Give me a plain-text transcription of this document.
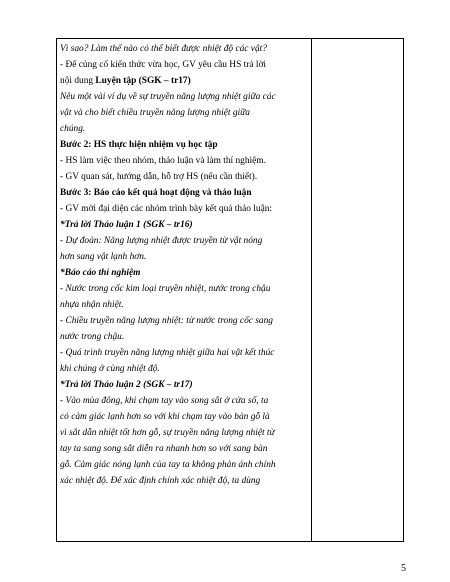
Vì sao? Làm thế nào có thể biết được nhiệt độ các vật?
- Để củng cố kiến thức vừa học, GV yêu cầu HS trả lời
nội dung Luyện tập (SGK – tr17)
Nêu một vài ví dụ về sự truyền năng lượng nhiệt giữa các
vật và cho biết chiều truyền năng lượng nhiệt giữa
chúng.
Bước 2: HS thực hiện nhiệm vụ học tập
- HS làm việc theo nhóm, thảo luận và làm thí nghiệm.
- GV quan sát, hướng dẫn, hỗ trợ HS (nếu cần thiết).
Bước 3: Báo cáo kết quả hoạt động và thảo luận
- GV mời đại diện các nhóm trình bày kết quả thảo luận:
*Trả lời Thảo luận 1 (SGK – tr16)
- Dự đoán: Năng lượng nhiệt được truyền từ vật nóng
hơn sang vật lạnh hơn.
*Báo cáo thí nghiệm
- Nước trong cốc kim loại truyền nhiệt, nước trong chậu
nhựa nhận nhiệt.
- Chiều truyền năng lượng nhiệt: từ nước trong cốc sang
nước trong chậu.
- Quá trình truyền năng lượng nhiệt giữa hai vật kết thúc
khi chúng ở cùng nhiệt độ.
*Trả lời Thảo luận 2 (SGK – tr17)
- Vào mùa đông, khi chạm tay vào song sắt ở cửa sổ, ta
có cảm giác lạnh hơn so với khi chạm tay vào bàn gỗ là
vì sắt dẫn nhiệt tốt hơn gỗ, sự truyền năng lượng nhiệt từ
tay ta sang song sắt diễn ra nhanh hơn so với sang bàn
gỗ. Cảm giác nóng lạnh của tay ta không phản ánh chính
xác nhiệt độ. Để xác định chính xác nhiệt độ, ta dùng
5
